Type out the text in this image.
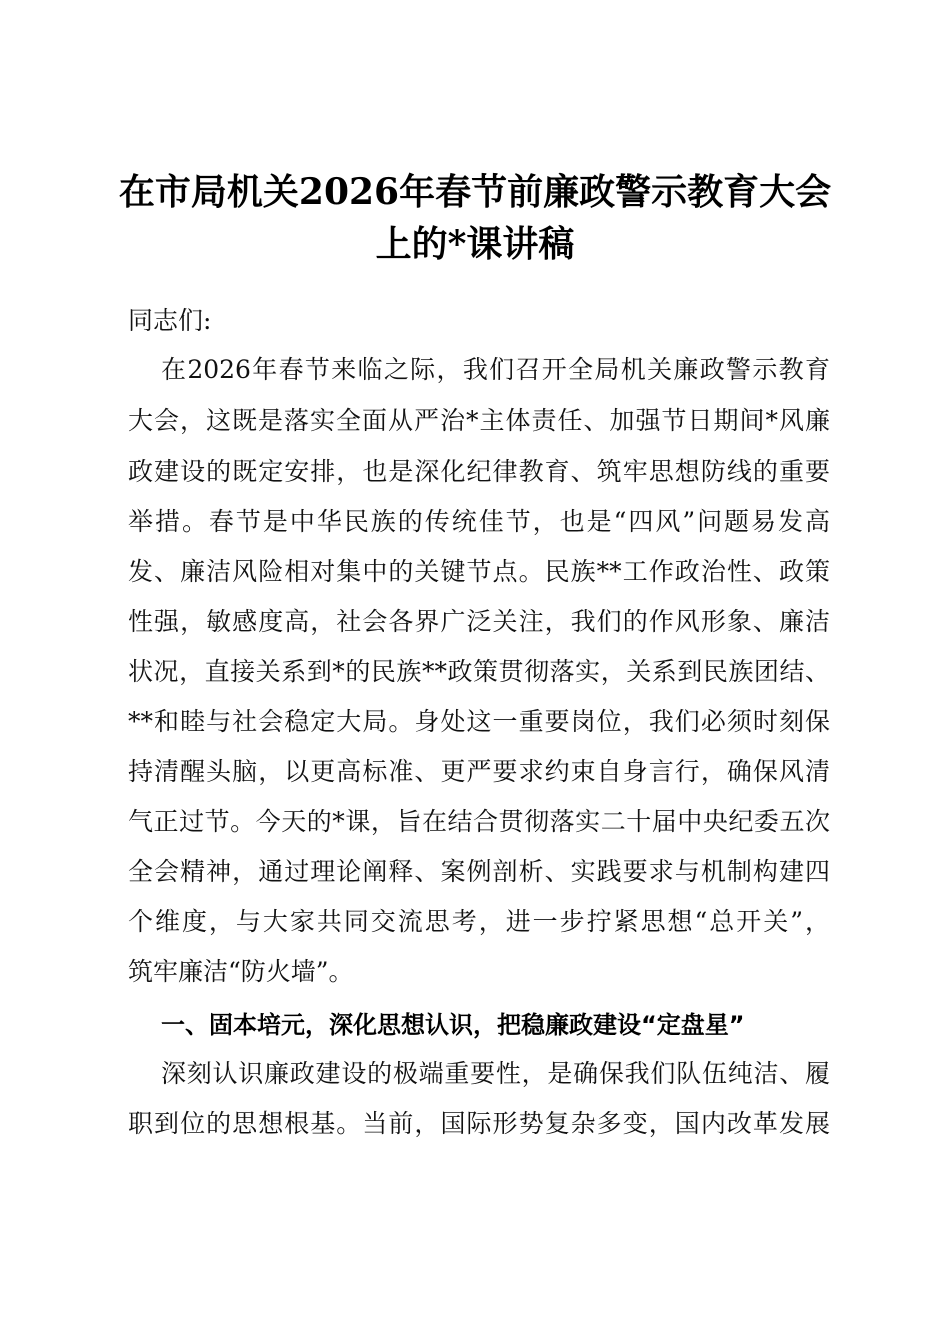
在市局机关2026年春节前廉政警示教育大会
上的*课讲稿
同志们:
在2026年春节来临之际，我们召开全局机关廉政警示教育
大会，这既是落实全面从严治*主体责任、加强节日期间*风廉
政建设的既定安排，也是深化纪律教育、筑牢思想防线的重要
举措。春节是中华民族的传统佳节，也是“四风”问题易发高
发、廉洁风险相对集中的关键节点。民族**工作政治性、政策
性强，敏感度高，社会各界广泛关注，我们的作风形象、廉洁
状况，直接关系到*的民族**政策贯彻落实，关系到民族团结、
**和睦与社会稳定大局。身处这一重要岗位，我们必须时刻保
持清醒头脑，以更高标准、更严要求约束自身言行，确保风清
气正过节。今天的*课，旨在结合贯彻落实二十届中央纪委五次
全会精神，通过理论阐释、案例剖析、实践要求与机制构建四
个维度，与大家共同交流思考，进一步拧紧思想“总开关”，
筑牢廉洁“防火墙”。
一、固本培元，深化思想认识，把稳廉政建设“定盘星”
深刻认识廉政建设的极端重要性，是确保我们队伍纯洁、履
职到位的思想根基。当前，国际形势复杂多变，国内改革发展
